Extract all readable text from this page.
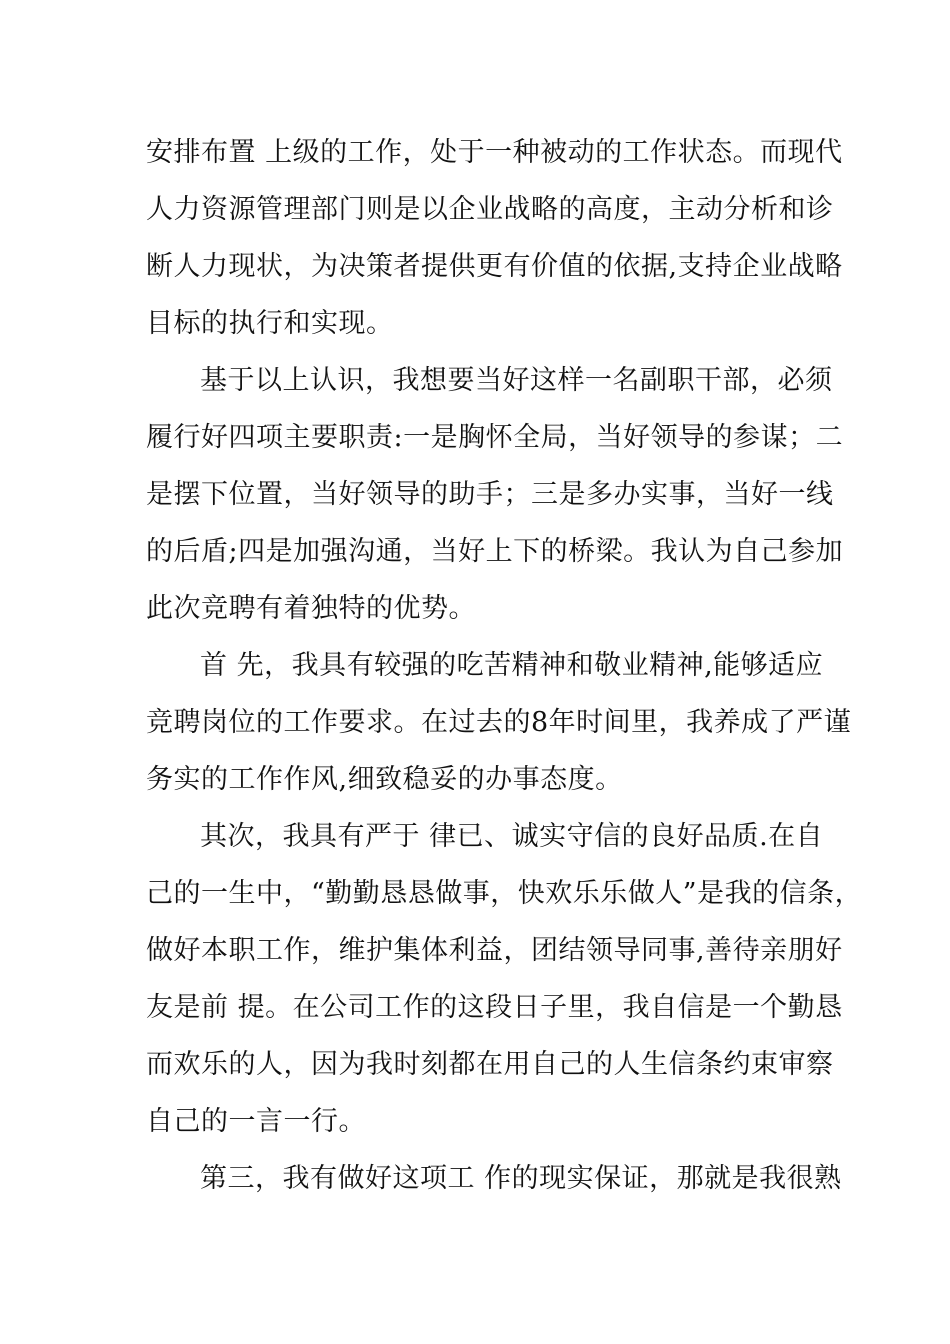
安排布置 上级的工作，处于一种被动的工作状态。而现代
人力资源管理部门则是以企业战略的高度，主动分析和诊
断人力现状，为决策者提供更有价值的依据,支持企业战略
目标的执行和实现。
基于以上认识，我想要当好这样一名副职干部，必须
履行好四项主要职责:一是胸怀全局，当好领导的参谋；二
是摆下位置，当好领导的助手；三是多办实事，当好一线
的后盾;四是加强沟通，当好上下的桥梁。我认为自己参加
此次竞聘有着独特的优势。
首 先，我具有较强的吃苦精神和敬业精神,能够适应
竞聘岗位的工作要求。在过去的8年时间里，我养成了严谨
务实的工作作风,细致稳妥的办事态度。
其次，我具有严于 律已、诚实守信的良好品质.在自
己的一生中，“勤勤恳恳做事，快欢乐乐做人”是我的信条，
做好本职工作，维护集体利益，团结领导同事,善待亲朋好
友是前 提。在公司工作的这段日子里，我自信是一个勤恳
而欢乐的人，因为我时刻都在用自己的人生信条约束审察
自己的一言一行。
第三，我有做好这项工 作的现实保证，那就是我很熟
